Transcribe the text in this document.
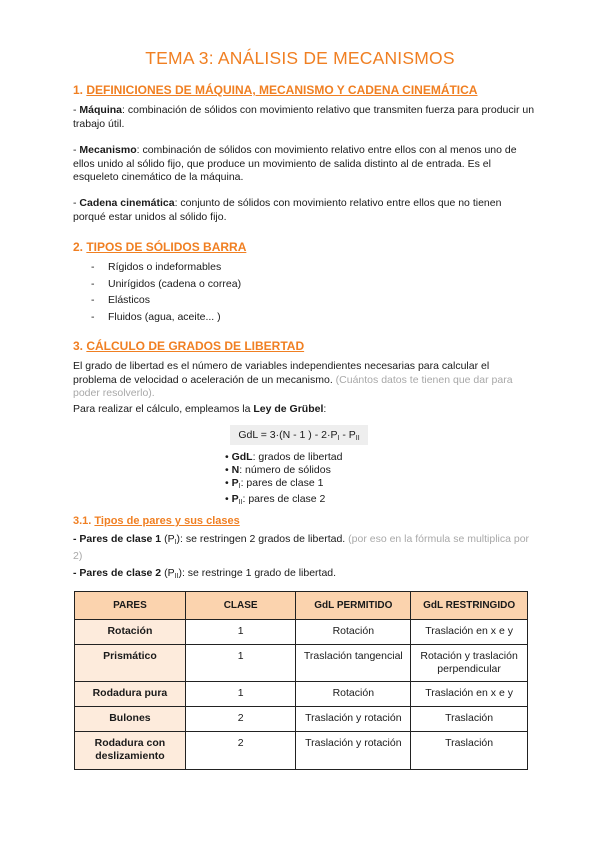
TEMA 3: ANÁLISIS DE MECANISMOS
1. DEFINICIONES DE MÁQUINA, MECANISMO Y CADENA CINEMÁTICA
- Máquina: combinación de sólidos con movimiento relativo que transmiten fuerza para producir un trabajo útil.
- Mecanismo: combinación de sólidos con movimiento relativo entre ellos con al menos uno de ellos unido al sólido fijo, que produce un movimiento de salida distinto al de entrada. Es el esqueleto cinemático de la máquina.
- Cadena cinemática: conjunto de sólidos con movimiento relativo entre ellos que no tienen porqué estar unidos al sólido fijo.
2. TIPOS DE SÓLIDOS BARRA
- Rígidos o indeformables
- Unirígidos (cadena o correa)
- Elásticos
- Fluidos (agua, aceite... )
3. CÁLCULO DE GRADOS DE LIBERTAD
El grado de libertad es el número de variables independientes necesarias para calcular el problema de velocidad o aceleración de un mecanismo. (Cuántos datos te tienen que dar para poder resolverlo).
Para realizar el cálculo, empleamos la Ley de Grübel:
GdL = 3·(N - 1 ) - $2\cdot P_I - P_{II}$
• GdL: grados de libertad
• N: número de sólidos
• $P_I$: pares de clase 1
• $P_{II}$: pares de clase 2
3.1. Tipos de pares y sus clases
- Pares de clase 1 $(P_I)$: se restringen 2 grados de libertad. (por eso en la fórmula se multiplica por 2)
- Pares de clase 2 $(P_{II})$: se restringe 1 grado de libertad.
PARES	CLASE	GdL PERMITIDO	GdL RESTRINGIDO
Rotación	1	Rotación	Traslación en x e y
Prismático	1	Traslación tangencial	Rotación y traslación perpendicular
Rodadura pura	1	Rotación	Traslación en x e y
Bulones	2	Traslación y rotación	Traslación
Rodadura con deslizamiento	2	Traslación y rotación	Traslación
